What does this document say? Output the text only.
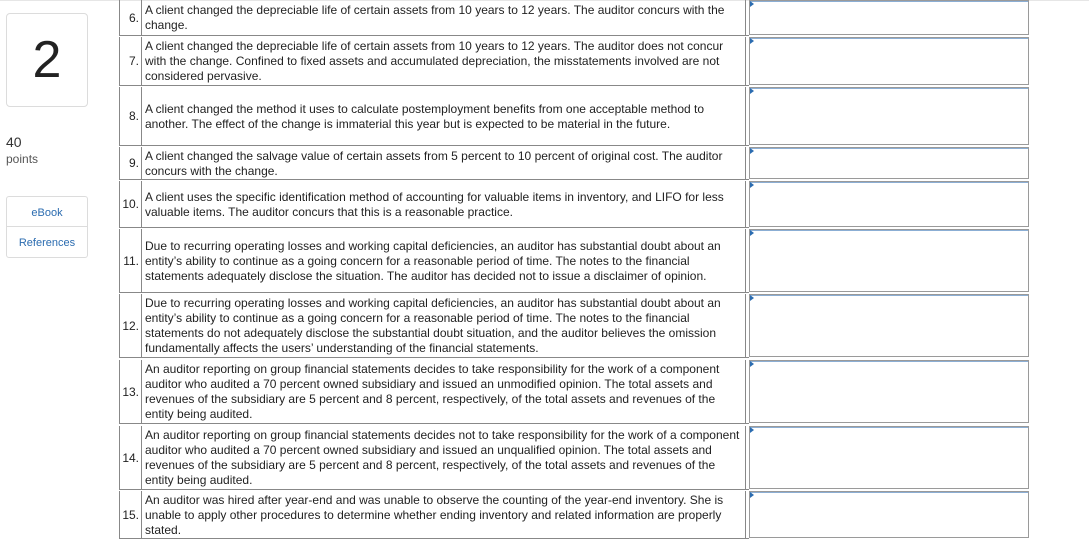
2
40
points
eBook
References
6.
A client changed the depreciable life of certain assets from 10 years to 12 years. The auditor concurs with the change.
7.
A client changed the depreciable life of certain assets from 10 years to 12 years. The auditor does not concur with the change. Confined to fixed assets and accumulated depreciation, the misstatements involved are not considered pervasive.
8.
A client changed the method it uses to calculate postemployment benefits from one acceptable method to another. The effect of the change is immaterial this year but is expected to be material in the future.
9.
A client changed the salvage value of certain assets from 5 percent to 10 percent of original cost. The auditor concurs with the change.
10.
A client uses the specific identification method of accounting for valuable items in inventory, and LIFO for less valuable items. The auditor concurs that this is a reasonable practice.
11.
Due to recurring operating losses and working capital deficiencies, an auditor has substantial doubt about an entity’s ability to continue as a going concern for a reasonable period of time. The notes to the financial statements adequately disclose the situation. The auditor has decided not to issue a disclaimer of opinion.
12.
Due to recurring operating losses and working capital deficiencies, an auditor has substantial doubt about an entity’s ability to continue as a going concern for a reasonable period of time. The notes to the financial statements do not adequately disclose the substantial doubt situation, and the auditor believes the omission fundamentally affects the users’ understanding of the financial statements.
13.
An auditor reporting on group financial statements decides to take responsibility for the work of a component auditor who audited a 70 percent owned subsidiary and issued an unmodified opinion. The total assets and revenues of the subsidiary are 5 percent and 8 percent, respectively, of the total assets and revenues of the entity being audited.
14.
An auditor reporting on group financial statements decides not to take responsibility for the work of a component auditor who audited a 70 percent owned subsidiary and issued an unqualified opinion. The total assets and revenues of the subsidiary are 5 percent and 8 percent, respectively, of the total assets and revenues of the entity being audited.
15.
An auditor was hired after year-end and was unable to observe the counting of the year-end inventory. She is unable to apply other procedures to determine whether ending inventory and related information are properly stated.
